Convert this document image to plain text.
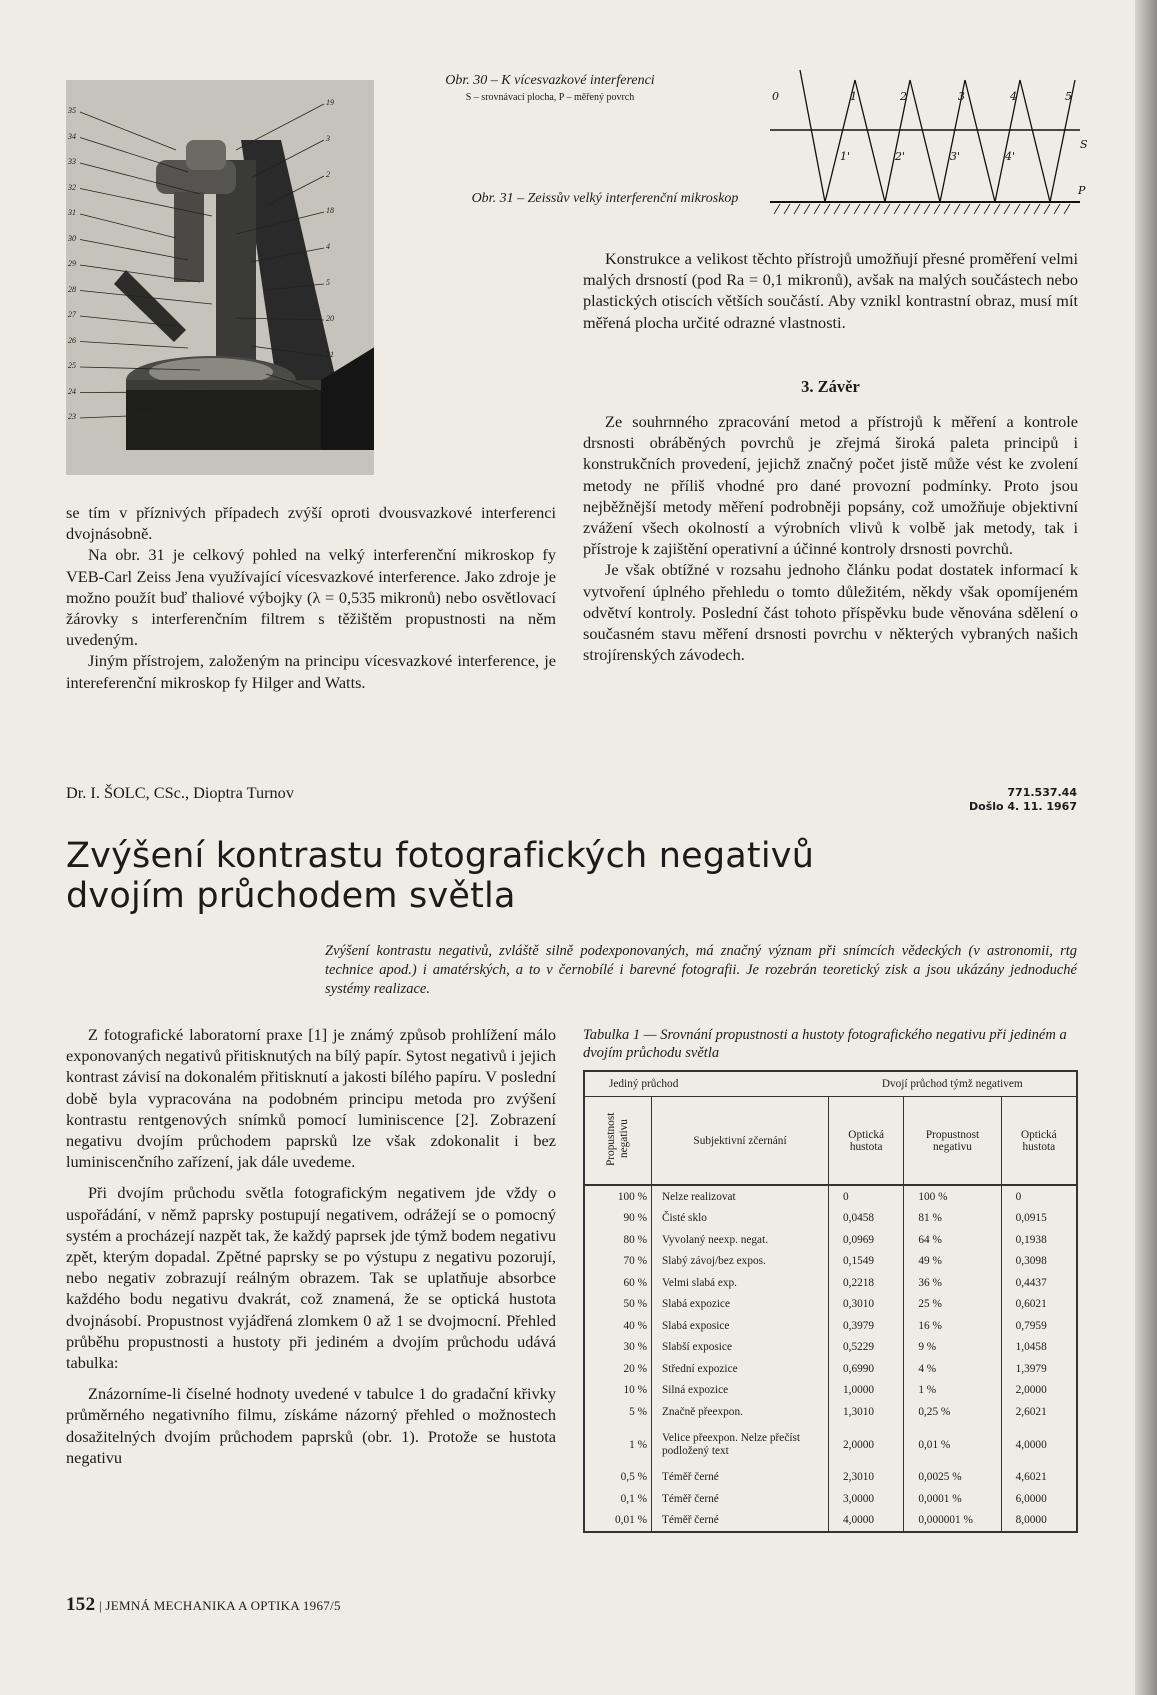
35
34
33
32
31
30
29
28
27
26
25
24
23
19
3
2
18
4
5
20
21
22
Obr. 30 – K vícesvazkové interferenci
S – srovnávací plocha, P – měřený povrch	0	1	2	3	4	5
1'	2'	3'	4'
S
P
Obr. 31 – Zeissův velký interferenční mikroskop

se tím v příznivých případech zvýší oproti dvousvazkové interferenci dvojnásobně.

Na obr. 31 je celkový pohled na velký interferenční mikroskop fy VEB-Carl Zeiss Jena využívající vícesvazkové interference. Jako zdroje je možno použít buď thaliové výbojky (λ = 0,535 mikronů) nebo osvětlovací žárovky s interferenčním filtrem s těžištěm propustnosti na něm uvedeným.

Jiným přístrojem, založeným na principu vícesvazkové interference, je intereferenční mikroskop fy Hilger and Watts.

Dr. I. ŠOLC, CSc., Dioptra Turnov

Konstrukce a velikost těchto přístrojů umožňují přesné proměření velmi malých drsností (pod Ra = 0,1 mikronů), avšak na malých součástech nebo plastických otiscích větších součástí. Aby vznikl kontrastní obraz, musí mít měřená plocha určité odrazné vlastnosti.

3. Závěr

Ze souhrnného zpracování metod a přístrojů k měření a kontrole drsnosti obráběných povrchů je zřejmá široká paleta principů i konstrukčních provedení, jejichž značný počet jistě může vést ke zvolení metody ne příliš vhodné pro dané provozní podmínky. Proto jsou nejběžnější metody měření podrobněji popsány, což umožňuje objektivní zvážení všech okolností a výrobních vlivů k volbě jak metody, tak i přístroje k zajištění operativní a účinné kontroly drsnosti povrchů.

Je však obtížné v rozsahu jednoho článku podat dostatek informací k vytvoření úplného přehledu o tomto důležitém, někdy však opomíjeném odvětví kontroly. Poslední část tohoto příspěvku bude věnována sdělení o současném stavu měření drsnosti povrchu v některých vybraných našich strojírenských závodech.

771.537.44
Došlo 4. 11. 1967
Zvýšení kontrastu fotografických negativů
dvojím průchodem světla
Zvýšení kontrastu negativů, zvláště silně podexponovaných, má značný význam při snímcích vědeckých (v astronomii, rtg technice apod.) i amatérských, a to v černobílé i barevné fotografii. Je rozebrán teoretický zisk a jsou ukázány jednoduché systémy realizace.

Z fotografické laboratorní praxe [1] je známý způsob prohlížení málo exponovaných negativů přitisknutých na bílý papír. Sytost negativů i jejich kontrast závisí na dokonalém přitisknutí a jakosti bílého papíru. V poslední době byla vypracována na podobném principu metoda pro zvýšení kontrastu rentgenových snímků pomocí luminiscence [2]. Zobrazení negativu dvojím průchodem paprsků lze však zdokonalit i bez luminiscenčního zařízení, jak dále uvedeme.

Při dvojím průchodu světla fotografickým negativem jde vždy o uspořádání, v němž paprsky postupují negativem, odrážejí se o pomocný systém a procházejí nazpět tak, že každý paprsek jde týmž bodem negativu zpět, kterým dopadal. Zpětné paprsky se po výstupu z negativu pozorují, nebo negativ zobrazují reálným obrazem. Tak se uplatňuje absorbce každého bodu negativu dvakrát, což znamená, že se optická hustota dvojnásobí. Propustnost vyjádřená zlomkem 0 až 1 se dvojmocní. Přehled průběhu propustnosti a hustoty při jediném a dvojím průchodu udává tabulka:

Znázorníme-li číselné hodnoty uvedené v tabulce 1 do gradační křivky průměrného negativního filmu, získáme názorný přehled o možnostech dosažitelných dvojím průchodem paprsků (obr. 1). Protože se hustota negativu

Tabulka 1 — Srovnání propustnosti a hustoty fotografického negativu při jediném a dvojím průchodu světla
Jediný průchod		Dvojí průchod týmž negativem		
Propustnost negativu	Subjektivní zčernání	Optická hustota	Propustnost negativu	Optická hustota
100 %	Nelze realizovat	0	100 %	0
90 %	Čisté sklo	0,0458	81 %	0,0915
80 %	Vyvolaný neexp. negat.	0,0969	64 %	0,1938
70 %	Slabý závoj/bez expos.	0,1549	49 %	0,3098
60 %	Velmi slabá exp.	0,2218	36 %	0,4437
50 %	Slabá expozice	0,3010	25 %	0,6021
40 %	Slabá exposice	0,3979	16 %	0,7959
30 %	Slabší exposice	0,5229	9 %	1,0458
20 %	Střední expozice	0,6990	4 %	1,3979
10 %	Silná expozice	1,0000	1 %	2,0000
5 %	Značně přeexpon.	1,3010	0,25 %	2,6021
1 %	Velice přeexpon. Nelze přečíst podložený text	2,0000	0,01 %	4,0000
0,5 %	Téměř černé	2,3010	0,0025 %	4,6021
0,1 %	Téměř černé	3,0000	0,0001 %	6,0000
0,01 %	Téměř černé	4,0000	0,000001 %	8,0000
152 | JEMNÁ MECHANIKA A OPTIKA 1967/5
